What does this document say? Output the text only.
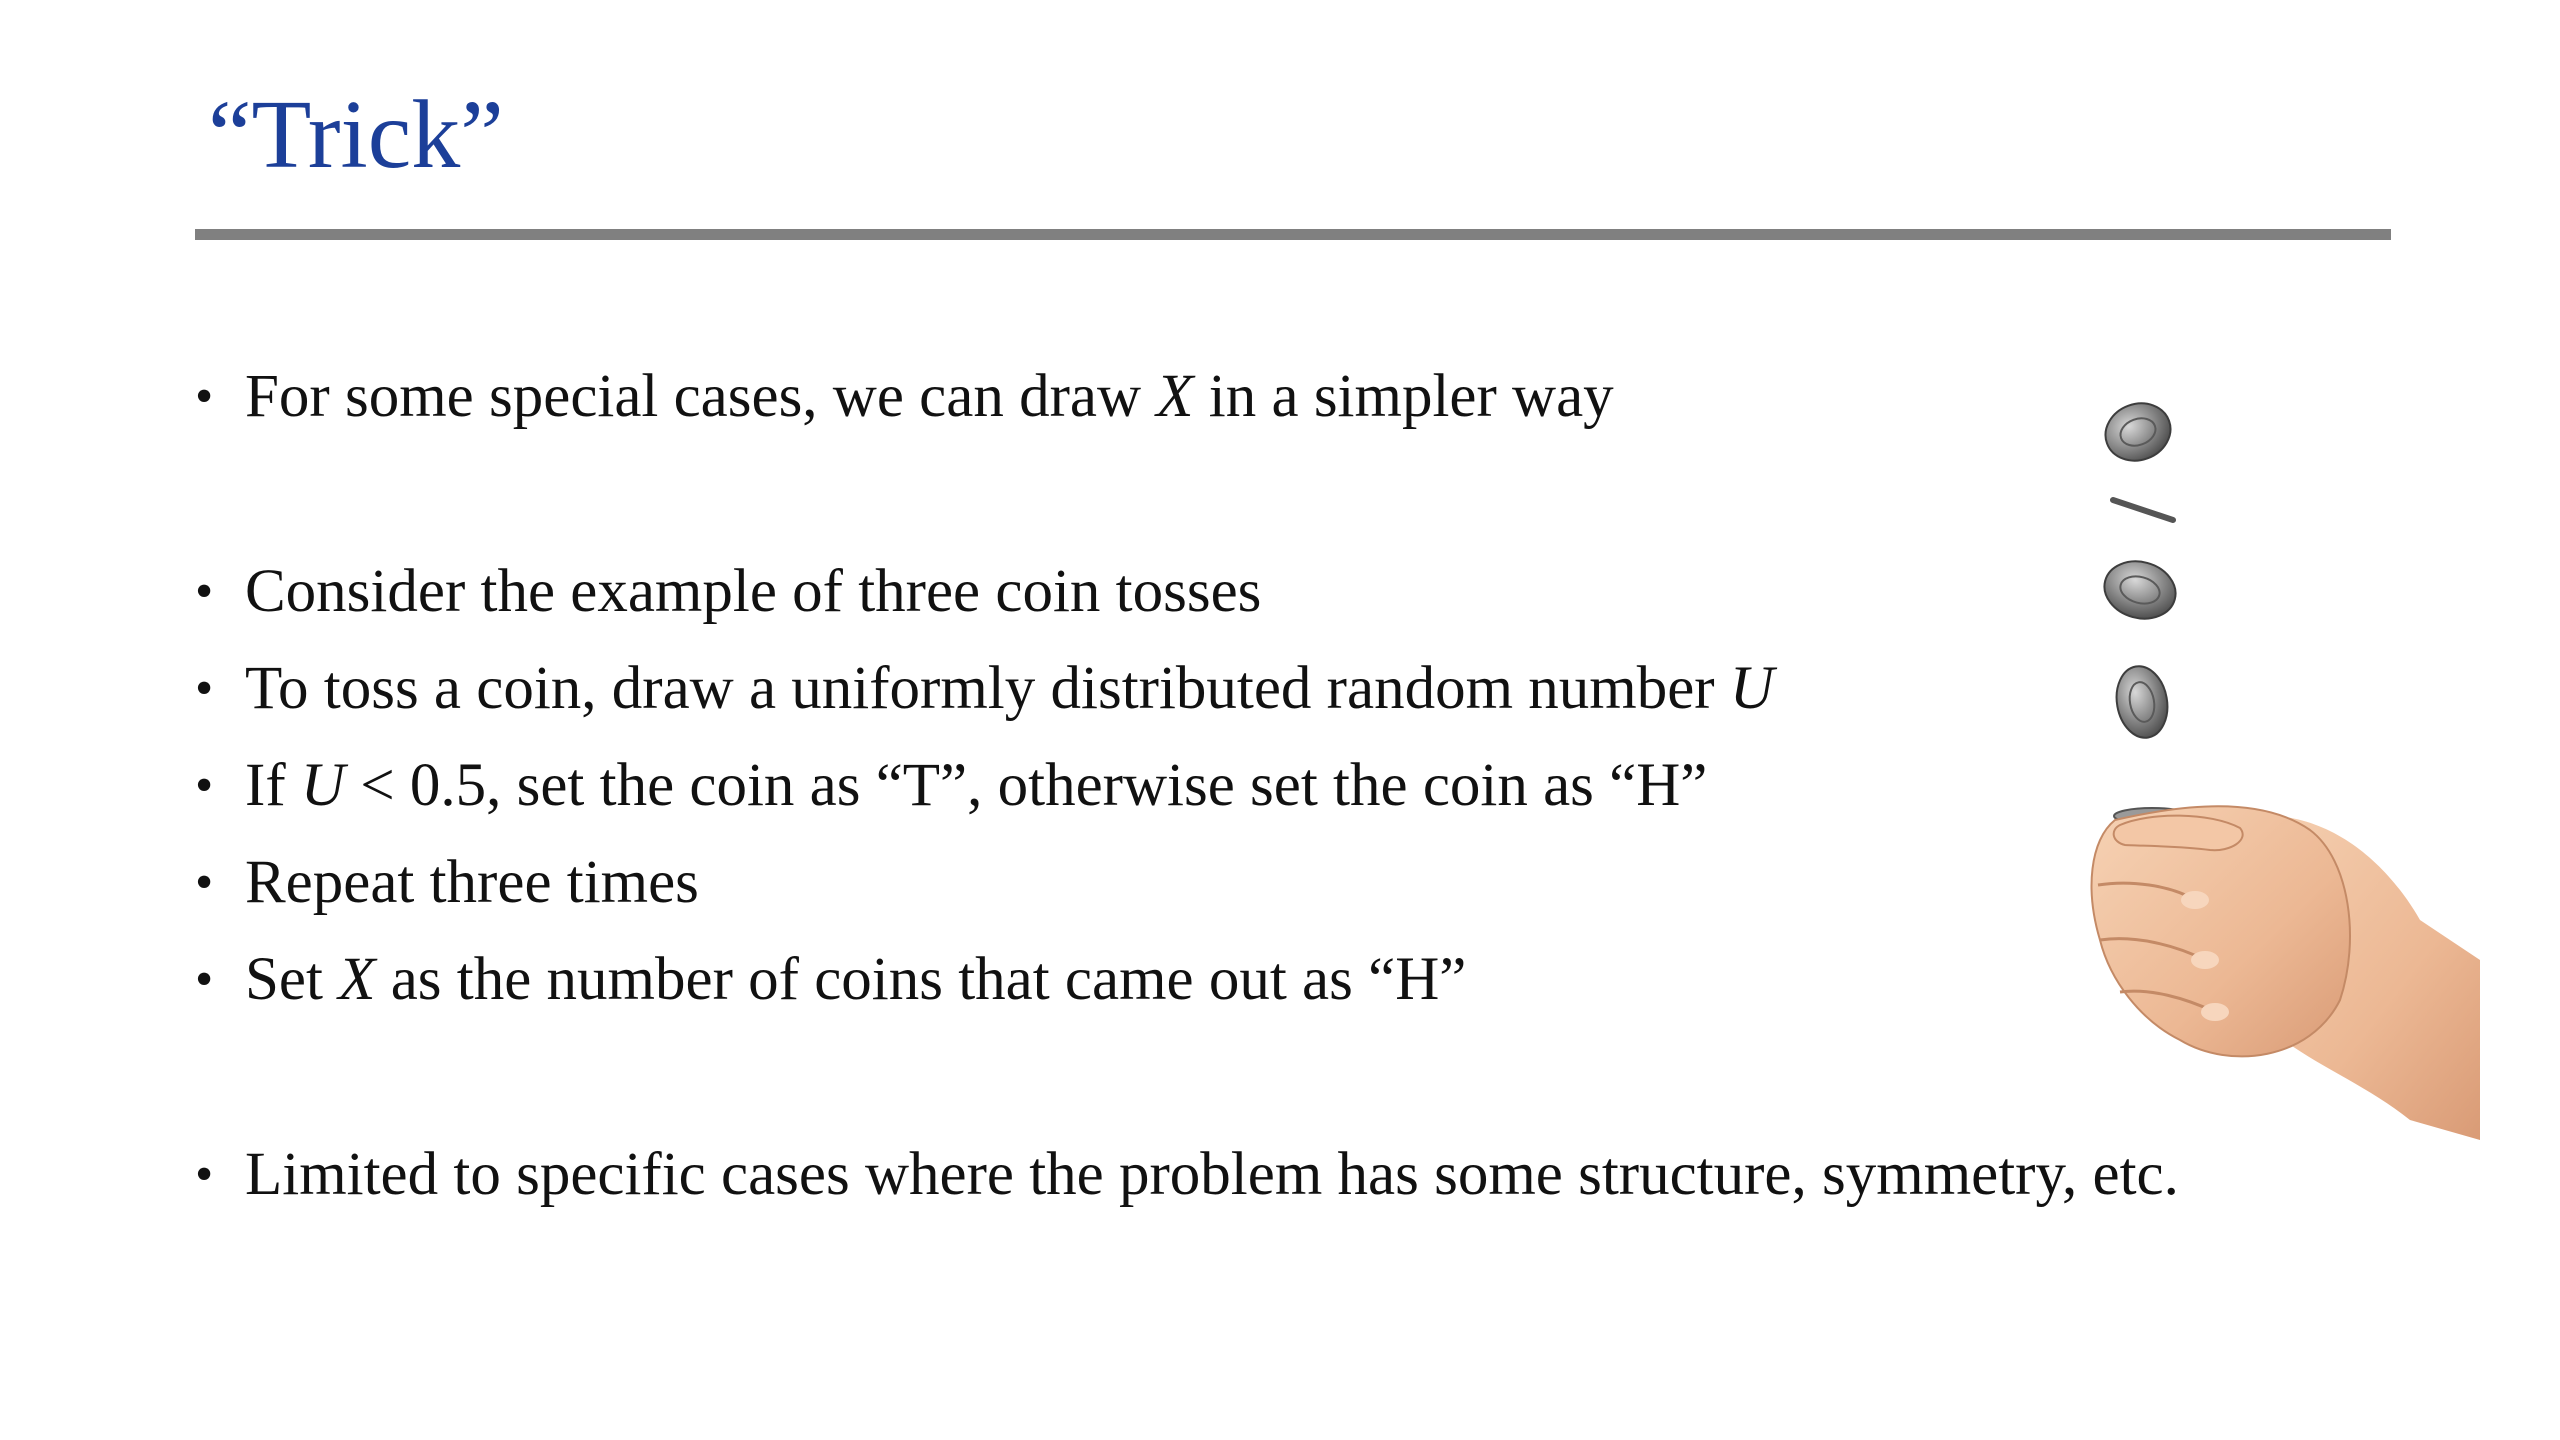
“Trick”
• For some special cases, we can draw X in a simpler way
• Consider the example of three coin tosses
• To toss a coin, draw a uniformly distributed random number U
• If U < 0.5, set the coin as “T”, otherwise set the coin as “H”
• Repeat three times
• Set X as the number of coins that came out as “H”
• Limited to specific cases where the problem has some structure, symmetry, etc.
